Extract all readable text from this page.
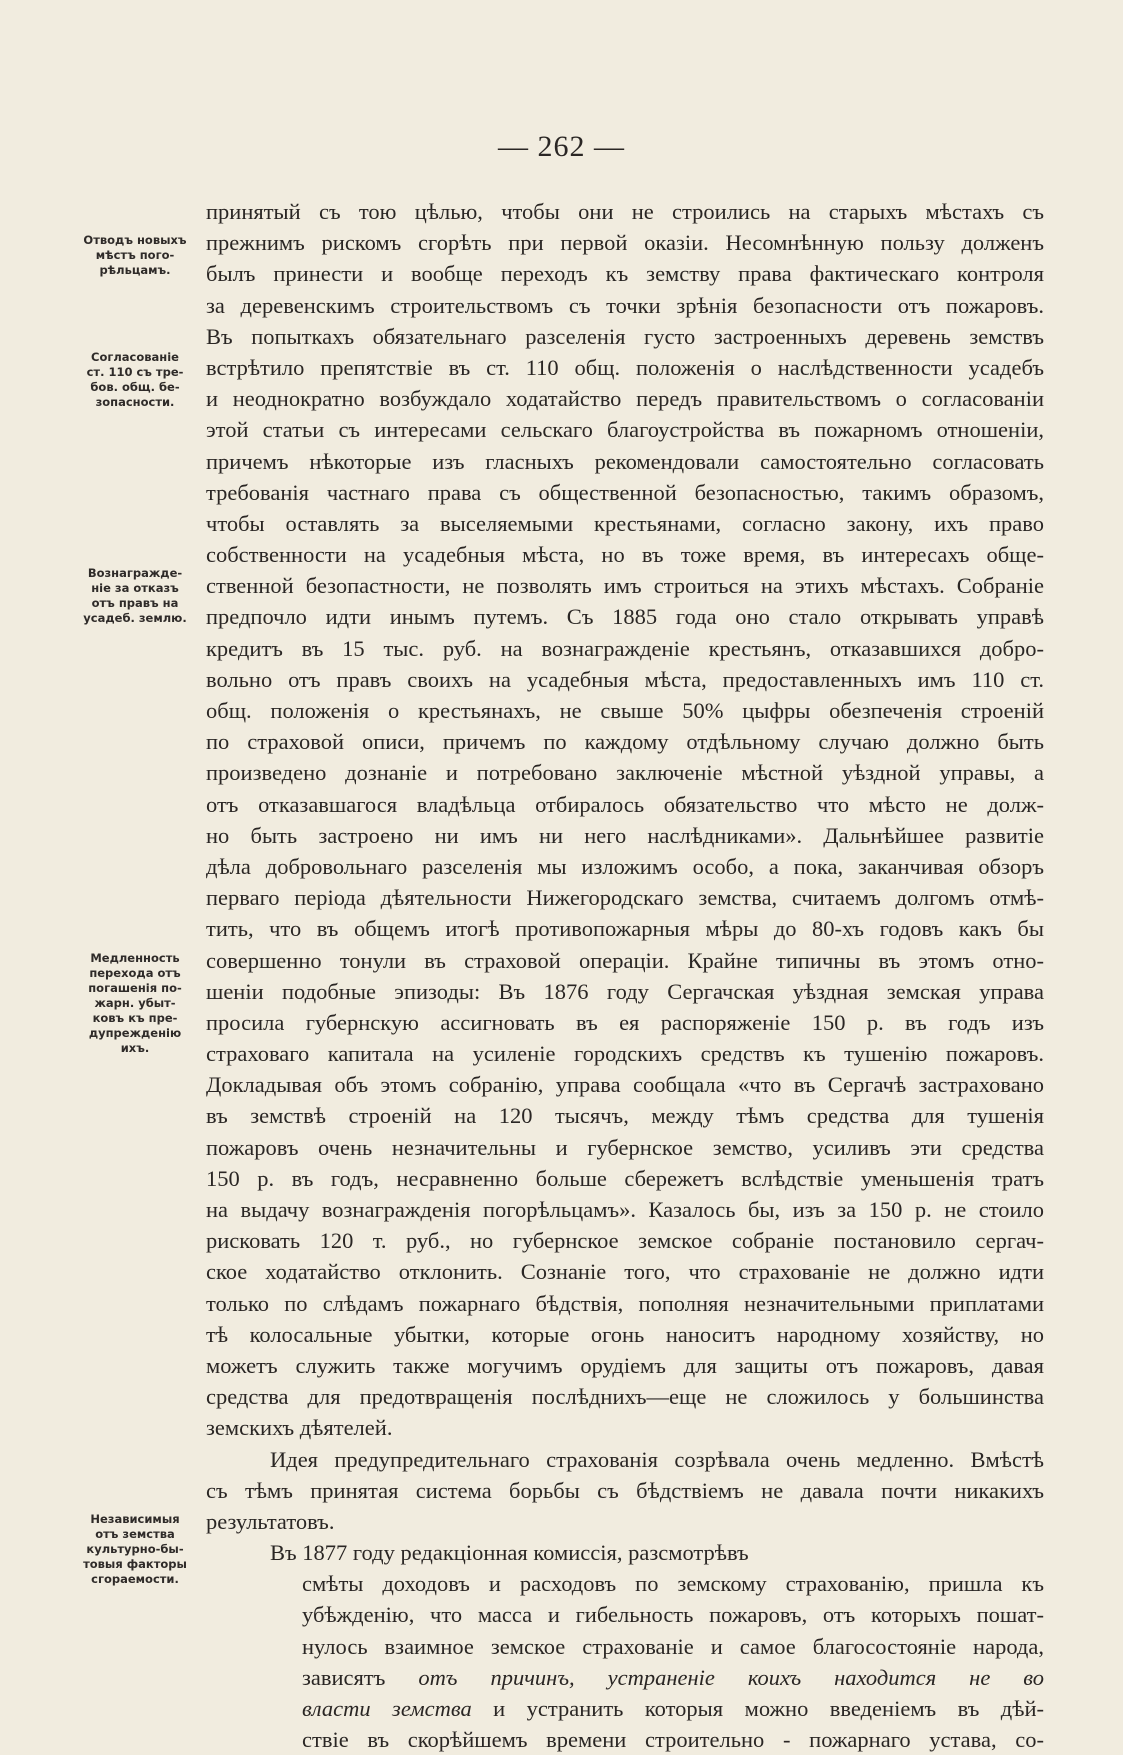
— 262 —
Отводъ новыхъ
мѣстъ пого-
рѣльцамъ.
Согласованіе
ст. 110 съ тре-
бов. общ. бе-
зопасности.
Вознагражде-
ніе за отказъ
отъ правъ на
усадеб. землю.
Медленность
перехода отъ
погашенія по-
жарн. убыт-
ковъ къ пре-
дупрежденію
ихъ.
Независимыя
отъ земства
культурно-бы-
товыя факторы
сгораемости.
принятый съ тою цѣлью, чтобы они не строились на старыхъ мѣстахъ съ
прежнимъ рискомъ сгорѣть при первой оказіи. Несомнѣнную пользу долженъ
былъ принести и вообще переходъ къ земству права фактическаго контроля
за деревенскимъ строительствомъ съ точки зрѣнія безопасности отъ пожаровъ.
Въ попыткахъ обязательнаго разселенія густо застроенныхъ деревень земствъ
встрѣтило препятствіе въ ст. 110 общ. положенія о наслѣдственности усадебъ
и неоднократно возбуждало ходатайство передъ правительствомъ о согласованіи
этой статьи съ интересами сельскаго благоустройства въ пожарномъ отношеніи,
причемъ нѣкоторые изъ гласныхъ рекомендовали самостоятельно согласовать
требованія частнаго права съ общественной безопасностью, такимъ образомъ,
чтобы оставлять за выселяемыми крестьянами, согласно закону, ихъ право
собственности на усадебныя мѣста, но въ тоже время, въ интересахъ обще-
ственной безопастности, не позволять имъ строиться на этихъ мѣстахъ. Собраніе
предпочло идти инымъ путемъ. Съ 1885 года оно стало открывать управѣ
кредитъ въ 15 тыс. руб. на вознагражденіе крестьянъ, отказавшихся добро-
вольно отъ правъ своихъ на усадебныя мѣста, предоставленныхъ имъ 110 ст.
общ. положенія о крестьянахъ, не свыше 50% цыфры обезпеченія строеній
по страховой описи, причемъ по каждому отдѣльному случаю должно быть
произведено дознаніе и потребовано заключеніе мѣстной уѣздной управы, а
отъ отказавшагося владѣльца отбиралось обязательство что мѣсто не долж-
но быть застроено ни имъ ни него наслѣдниками». Дальнѣйшее развитіе
дѣла добровольнаго разселенія мы изложимъ особо, а пока, заканчивая обзоръ
перваго періода дѣятельности Нижегородскаго земства, считаемъ долгомъ отмѣ-
тить, что въ общемъ итогѣ противопожарныя мѣры до 80-хъ годовъ какъ бы
совершенно тонули въ страховой операціи. Крайне типичны въ этомъ отно-
шеніи подобные эпизоды: Въ 1876 году Сергачская уѣздная земская управа
просила губернскую ассигновать въ ея распоряженіе 150 р. въ годъ изъ
страховаго капитала на усиленіе городскихъ средствъ къ тушенію пожаровъ.
Докладывая объ этомъ собранію, управа сообщала «что въ Сергачѣ застраховано
въ земствѣ строеній на 120 тысячъ, между тѣмъ средства для тушенія
пожаровъ очень незначительны и губернское земство, усиливъ эти средства
150 р. въ годъ, несравненно больше сбережетъ вслѣдствіе уменьшенія тратъ
на выдачу вознагражденія погорѣльцамъ». Казалось бы, изъ за 150 р. не стоило
рисковать 120 т. руб., но губернское земское собраніе постановило сергач-
ское ходатайство отклонить. Сознаніе того, что страхованіе не должно идти
только по слѣдамъ пожарнаго бѣдствія, пополняя незначительными приплатами
тѣ колосальные убытки, которые огонь наноситъ народному хозяйству, но
можетъ служить также могучимъ орудіемъ для защиты отъ пожаровъ, давая
средства для предотвращенія послѣднихъ—еще не сложилось у большинства
земскихъ дѣятелей.
Идея предупредительнаго страхованія созрѣвала очень медленно. Вмѣстѣ
съ тѣмъ принятая система борьбы съ бѣдствіемъ не давала почти никакихъ
результатовъ.
Въ 1877 году редакціонная комиссія, разсмотрѣвъ
смѣты доходовъ и расходовъ по земскому страхованію, пришла къ
убѣжденію, что масса и гибельность пожаровъ, отъ которыхъ пошат-
нулось взаимное земское страхованіе и самое благосостояніе народа,
зависятъ отъ причинъ, устраненіе коихъ находится не во
власти земства и устранить которыя можно введеніемъ въ дѣй-
ствіе въ скорѣйшемъ времени строительно - пожарнаго устава, со-
